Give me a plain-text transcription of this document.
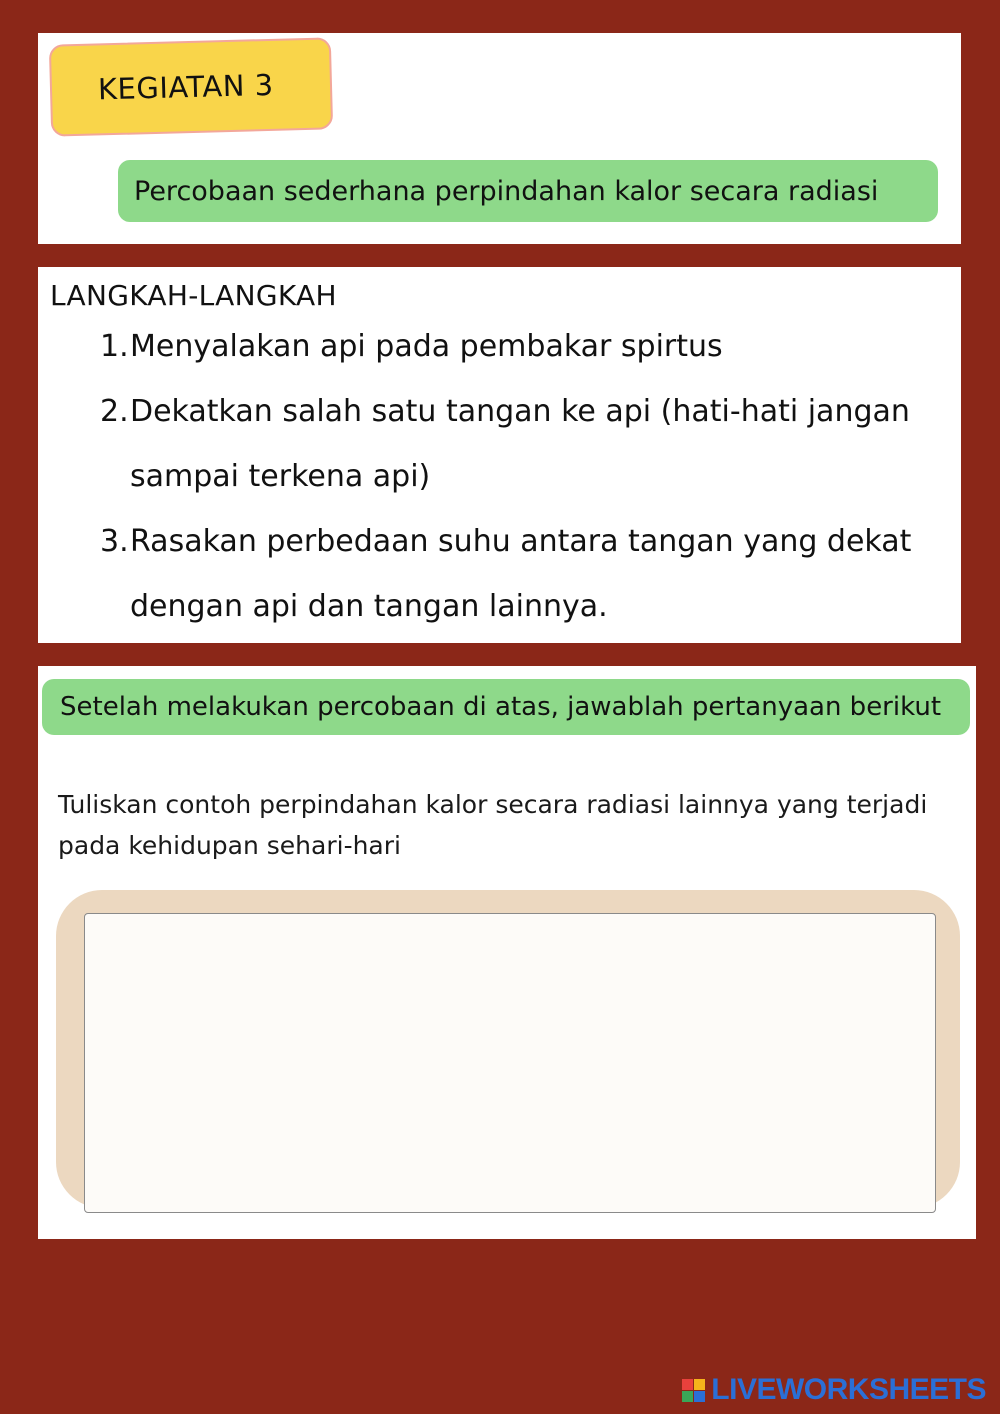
KEGIATAN 3
Percobaan sederhana perpindahan kalor secara radiasi
LANGKAH-LANGKAH
1. Menyalakan api pada pembakar spirtus
2. Dekatkan salah satu tangan ke api (hati-hati jangan sampai terkena api)
3. Rasakan perbedaan suhu antara tangan yang dekat dengan api dan tangan lainnya.
Setelah melakukan percobaan di atas, jawablah pertanyaan berikut
Tuliskan contoh perpindahan kalor secara radiasi lainnya yang terjadi pada kehidupan sehari-hari
LIVEWORKSHEETS
